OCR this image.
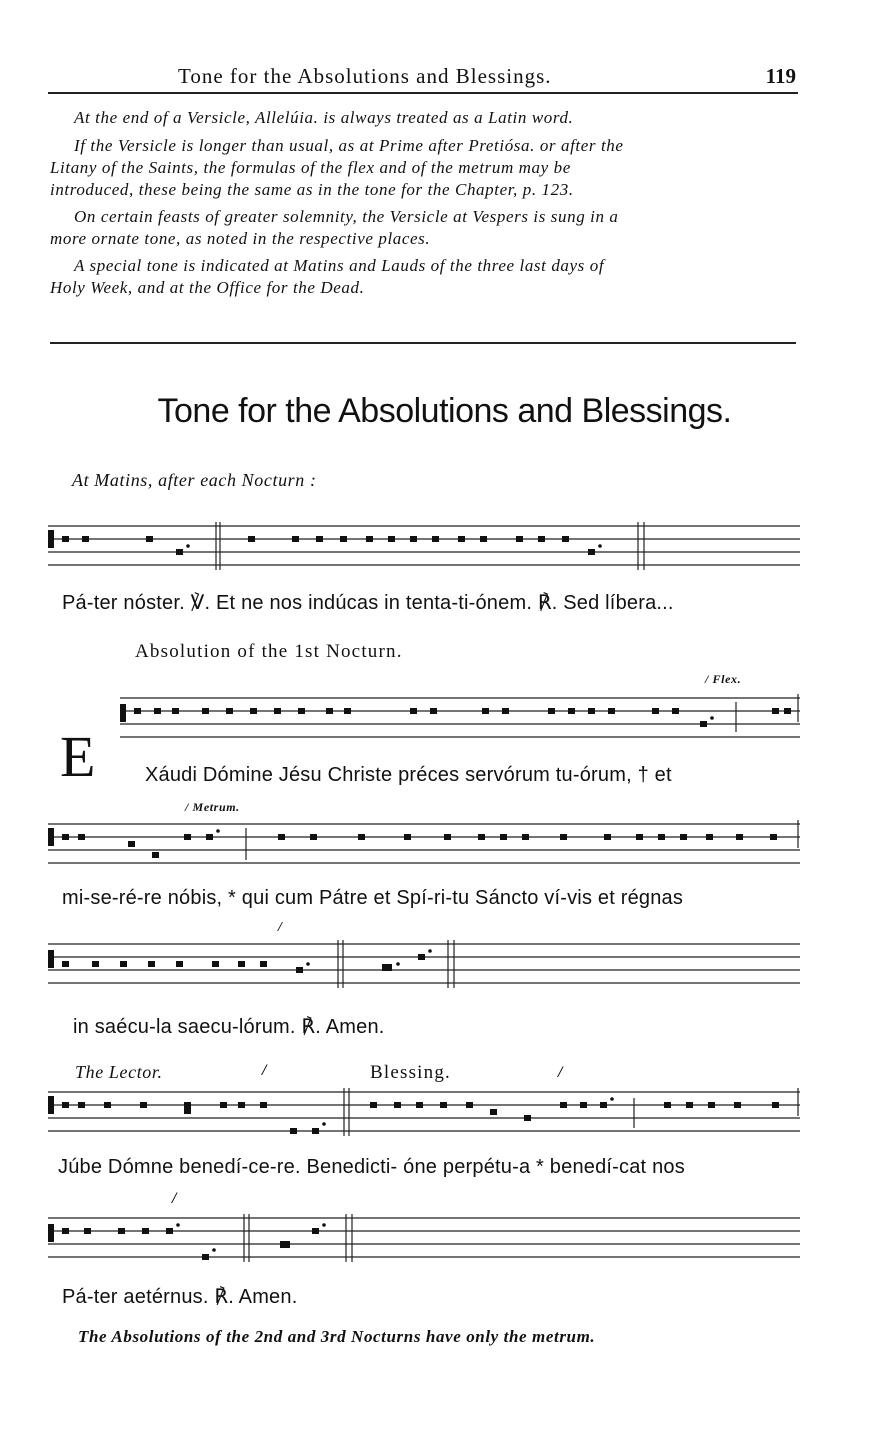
Tone for the Absolutions and Blessings.	119
At the end of a Versicle, Allelúia. is always treated as a Latin word.
If the Versicle is longer than usual, as at Prime after Pretiósa. or after the
Litany of the Saints, the formulas of the flex and of the metrum may be
introduced, these being the same as in the tone for the Chapter, p. 123.
On certain feasts of greater solemnity, the Versicle at Vespers is sung in a
more ornate tone, as noted in the respective places.
A special tone is indicated at Matins and Lauds of the three last days of
Holy Week, and at the Office for the Dead.
Tone for the Absolutions and Blessings.
At Matins, after each Nocturn :
Pá-ter nóster. ℣. Et ne nos indúcas in tenta-ti-ónem. ℟. Sed líbera...
Absolution of the 1st Nocturn.
/ Flex.
E Xáudi Dómine Jésu Christe préces servórum tu-órum, † et
/ Metrum.
mi-se-ré-re nóbis, * qui cum Pátre et Spí-ri-tu Sáncto ví-vis et régnas
/
in saécu-la saecu-lórum. ℟. Amen.
The Lector.	/	Blessing.	/
Júbe Dómne benedí-ce-re. Benedicti- óne perpétu-a * benedí-cat nos
/
Pá-ter aetérnus. ℟. Amen.
The Absolutions of the 2nd and 3rd Nocturns have only the metrum.
